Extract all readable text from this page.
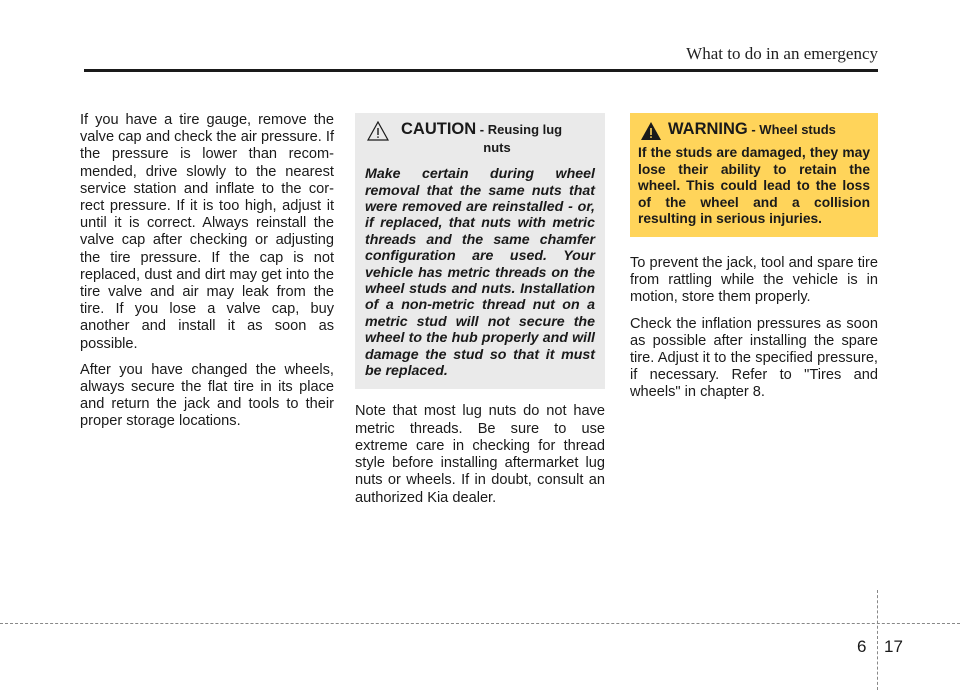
What to do in an emergency

If you have a tire gauge, remove the valve cap and check the air pressure. If the pressure is lower than recom-mended, drive slowly to the nearest service station and inflate to the cor-rect pressure. If it is too high, adjust it until it is correct. Always reinstall the valve cap after checking or adjusting the tire pressure. If the cap is not replaced, dust and dirt may get into the tire valve and air may leak from the tire. If you lose a valve cap, buy another and install it as soon as possible.

After you have changed the wheels, always secure the flat tire in its place and return the jack and tools to their proper storage locations.

CAUTION - Reusing lug
nuts
Make certain during wheel removal that the same nuts that were removed are reinstalled - or, if replaced, that nuts with metric threads and the same chamfer configuration are used. Your vehicle has metric threads on the wheel studs and nuts. Installation of a non-metric thread nut on a metric stud will not secure the wheel to the hub properly and will damage the stud so that it must be replaced.

Note that most lug nuts do not have metric threads. Be sure to use extreme care in checking for thread style before installing aftermarket lug nuts or wheels. If in doubt, consult an authorized Kia dealer.

WARNING - Wheel studs
If the studs are damaged, they may lose their ability to retain the wheel. This could lead to the loss of the wheel and a collision resulting in serious injuries.

To prevent the jack, tool and spare tire from rattling while the vehicle is in motion, store them properly.

Check the inflation pressures as soon as possible after installing the spare tire. Adjust it to the specified pressure, if necessary. Refer to "Tires and wheels" in chapter 8.

6 17
